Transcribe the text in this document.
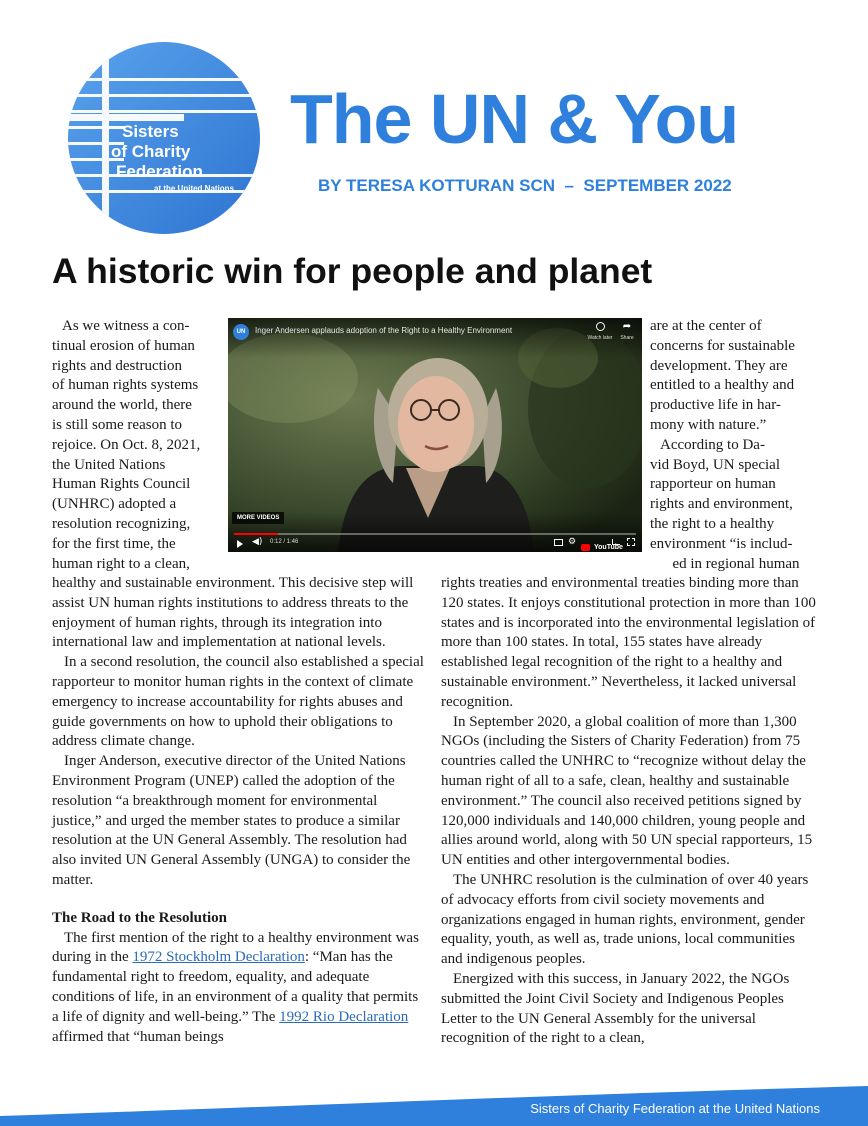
Sisters
of Charity
Federation
at the United Nations
The UN & You
BY TERESA KOTTURAN SCN  –  SEPTEMBER 2022
A historic win for people and planet
As we witness a con-
tinual erosion of human
rights and destruction
of human rights systems
around the world, there
is still some reason to
rejoice. On Oct. 8, 2021,
the United Nations
Human Rights Council
(UNHRC) adopted a
resolution recognizing,
for the first time, the
human right to a clean,

healthy and sustainable environment. This decisive step will assist UN human rights institutions to address threats to the enjoyment of human rights, through its integration into international law and implementation at national levels.

In a second resolution, the council also established a special rapporteur to monitor human rights in the context of climate emergency to increase accountability for rights abuses and guide governments on how to uphold their obligations to address climate change.

Inger Anderson, executive director of the United Nations Environment Program (UNEP) called the adoption of the resolution “a breakthrough moment for environmental justice,” and urged the member states to produce a similar resolution at the UN General Assembly. The resolution had also invited UN General Assembly (UNGA) to consider the matter.

The Road to the Resolution

The first mention of the right to a healthy environment was during in the 1972 Stockholm Declaration: “Man has the fundamental right to freedom, equality, and adequate conditions of life, in an environment of a quality that permits a life of dignity and well-being.” The 1992 Rio Declaration affirmed that “human beings

are at the center of
concerns for sustainable
development. They are
entitled to a healthy and
productive life in har-
mony with nature.”
According to Da-
vid Boyd, UN special
rapporteur on human
rights and environment,
the right to a healthy
environment “is includ-
ed in regional human

rights treaties and environmental treaties binding more than 120 states. It enjoys constitutional protection in more than 100 states and is incorporated into the environmental legislation of more than 100 states. In total, 155 states have already established legal recognition of the right to a healthy and sustainable environment.” Nevertheless, it lacked universal recognition.

In September 2020, a global coalition of more than 1,300 NGOs (including the Sisters of Charity Federation) from 75 countries called the UNHRC to “recognize without delay the human right of all to a safe, clean, healthy and sustainable environment.” The council also received petitions signed by 120,000 individuals and 140,000 children, young people and allies around world, along with 50 UN special rapporteurs, 15 UN entities and other intergovernmental bodies.

The UNHRC resolution is the culmination of over 40 years of advocacy efforts from civil society movements and organizations engaged in human rights, environment, gender equality, youth, as well as, trade unions, local communities and indigenous peoples.

Energized with this success, in January 2022, the NGOs submitted the Joint Civil Society and Indigenous Peoples Letter to the UN General Assembly for the universal recognition of the right to a clean,

UN	Inger Andersen applauds adoption of the Right to a Healthy Environment
Watch later
➦
Share
MORE VIDEOS
◀) 0:12 / 1:46	⚙
YouTube
Sisters of Charity Federation at the United Nations
